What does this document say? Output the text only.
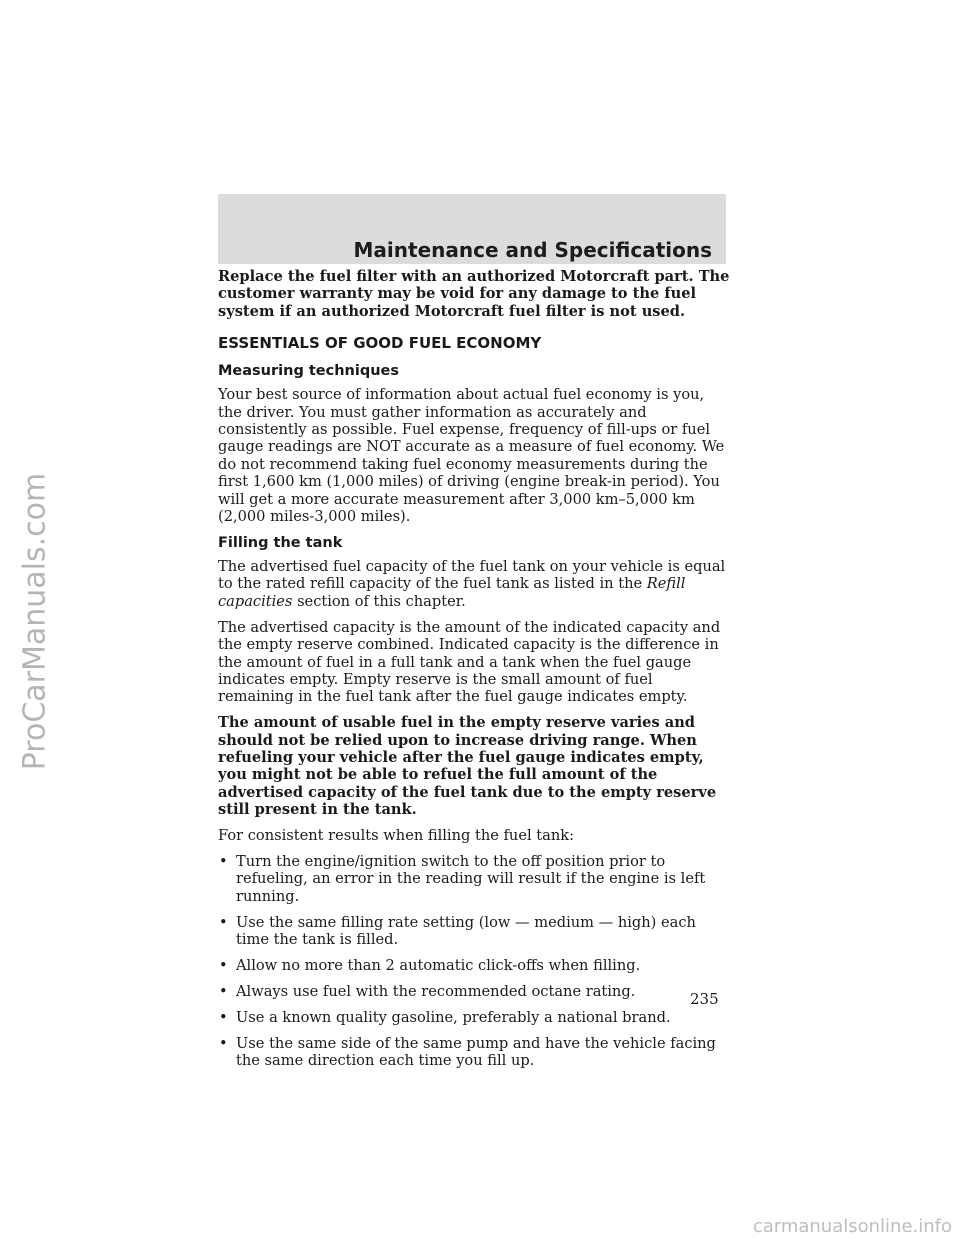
Maintenance and Specifications

Replace the fuel filter with an authorized Motorcraft part. The customer warranty may be void for any damage to the fuel system if an authorized Motorcraft fuel filter is not used.

ESSENTIALS OF GOOD FUEL ECONOMY
Measuring techniques

Your best source of information about actual fuel economy is you, the driver. You must gather information as accurately and consistently as possible. Fuel expense, frequency of fill-ups or fuel gauge readings are NOT accurate as a measure of fuel economy. We do not recommend taking fuel economy measurements during the first 1,600 km (1,000 miles) of driving (engine break-in period). You will get a more accurate measurement after 3,000 km–5,000 km (2,000 miles-3,000 miles).

Filling the tank

The advertised fuel capacity of the fuel tank on your vehicle is equal to the rated refill capacity of the fuel tank as listed in the Refill capacities section of this chapter.

The advertised capacity is the amount of the indicated capacity and the empty reserve combined. Indicated capacity is the difference in the amount of fuel in a full tank and a tank when the fuel gauge indicates empty. Empty reserve is the small amount of fuel remaining in the fuel tank after the fuel gauge indicates empty.

The amount of usable fuel in the empty reserve varies and should not be relied upon to increase driving range. When refueling your vehicle after the fuel gauge indicates empty, you might not be able to refuel the full amount of the advertised capacity of the fuel tank due to the empty reserve still present in the tank.

For consistent results when filling the fuel tank:

• Turn the engine/ignition switch to the off position prior to refueling, an error in the reading will result if the engine is left running.
• Use the same filling rate setting (low — medium — high) each time the tank is filled.
• Allow no more than 2 automatic click-offs when filling.
• Always use fuel with the recommended octane rating.
• Use a known quality gasoline, preferably a national brand.
• Use the same side of the same pump and have the vehicle facing the same direction each time you fill up.
235
ProCarManuals.com
carmanualsonline.info
